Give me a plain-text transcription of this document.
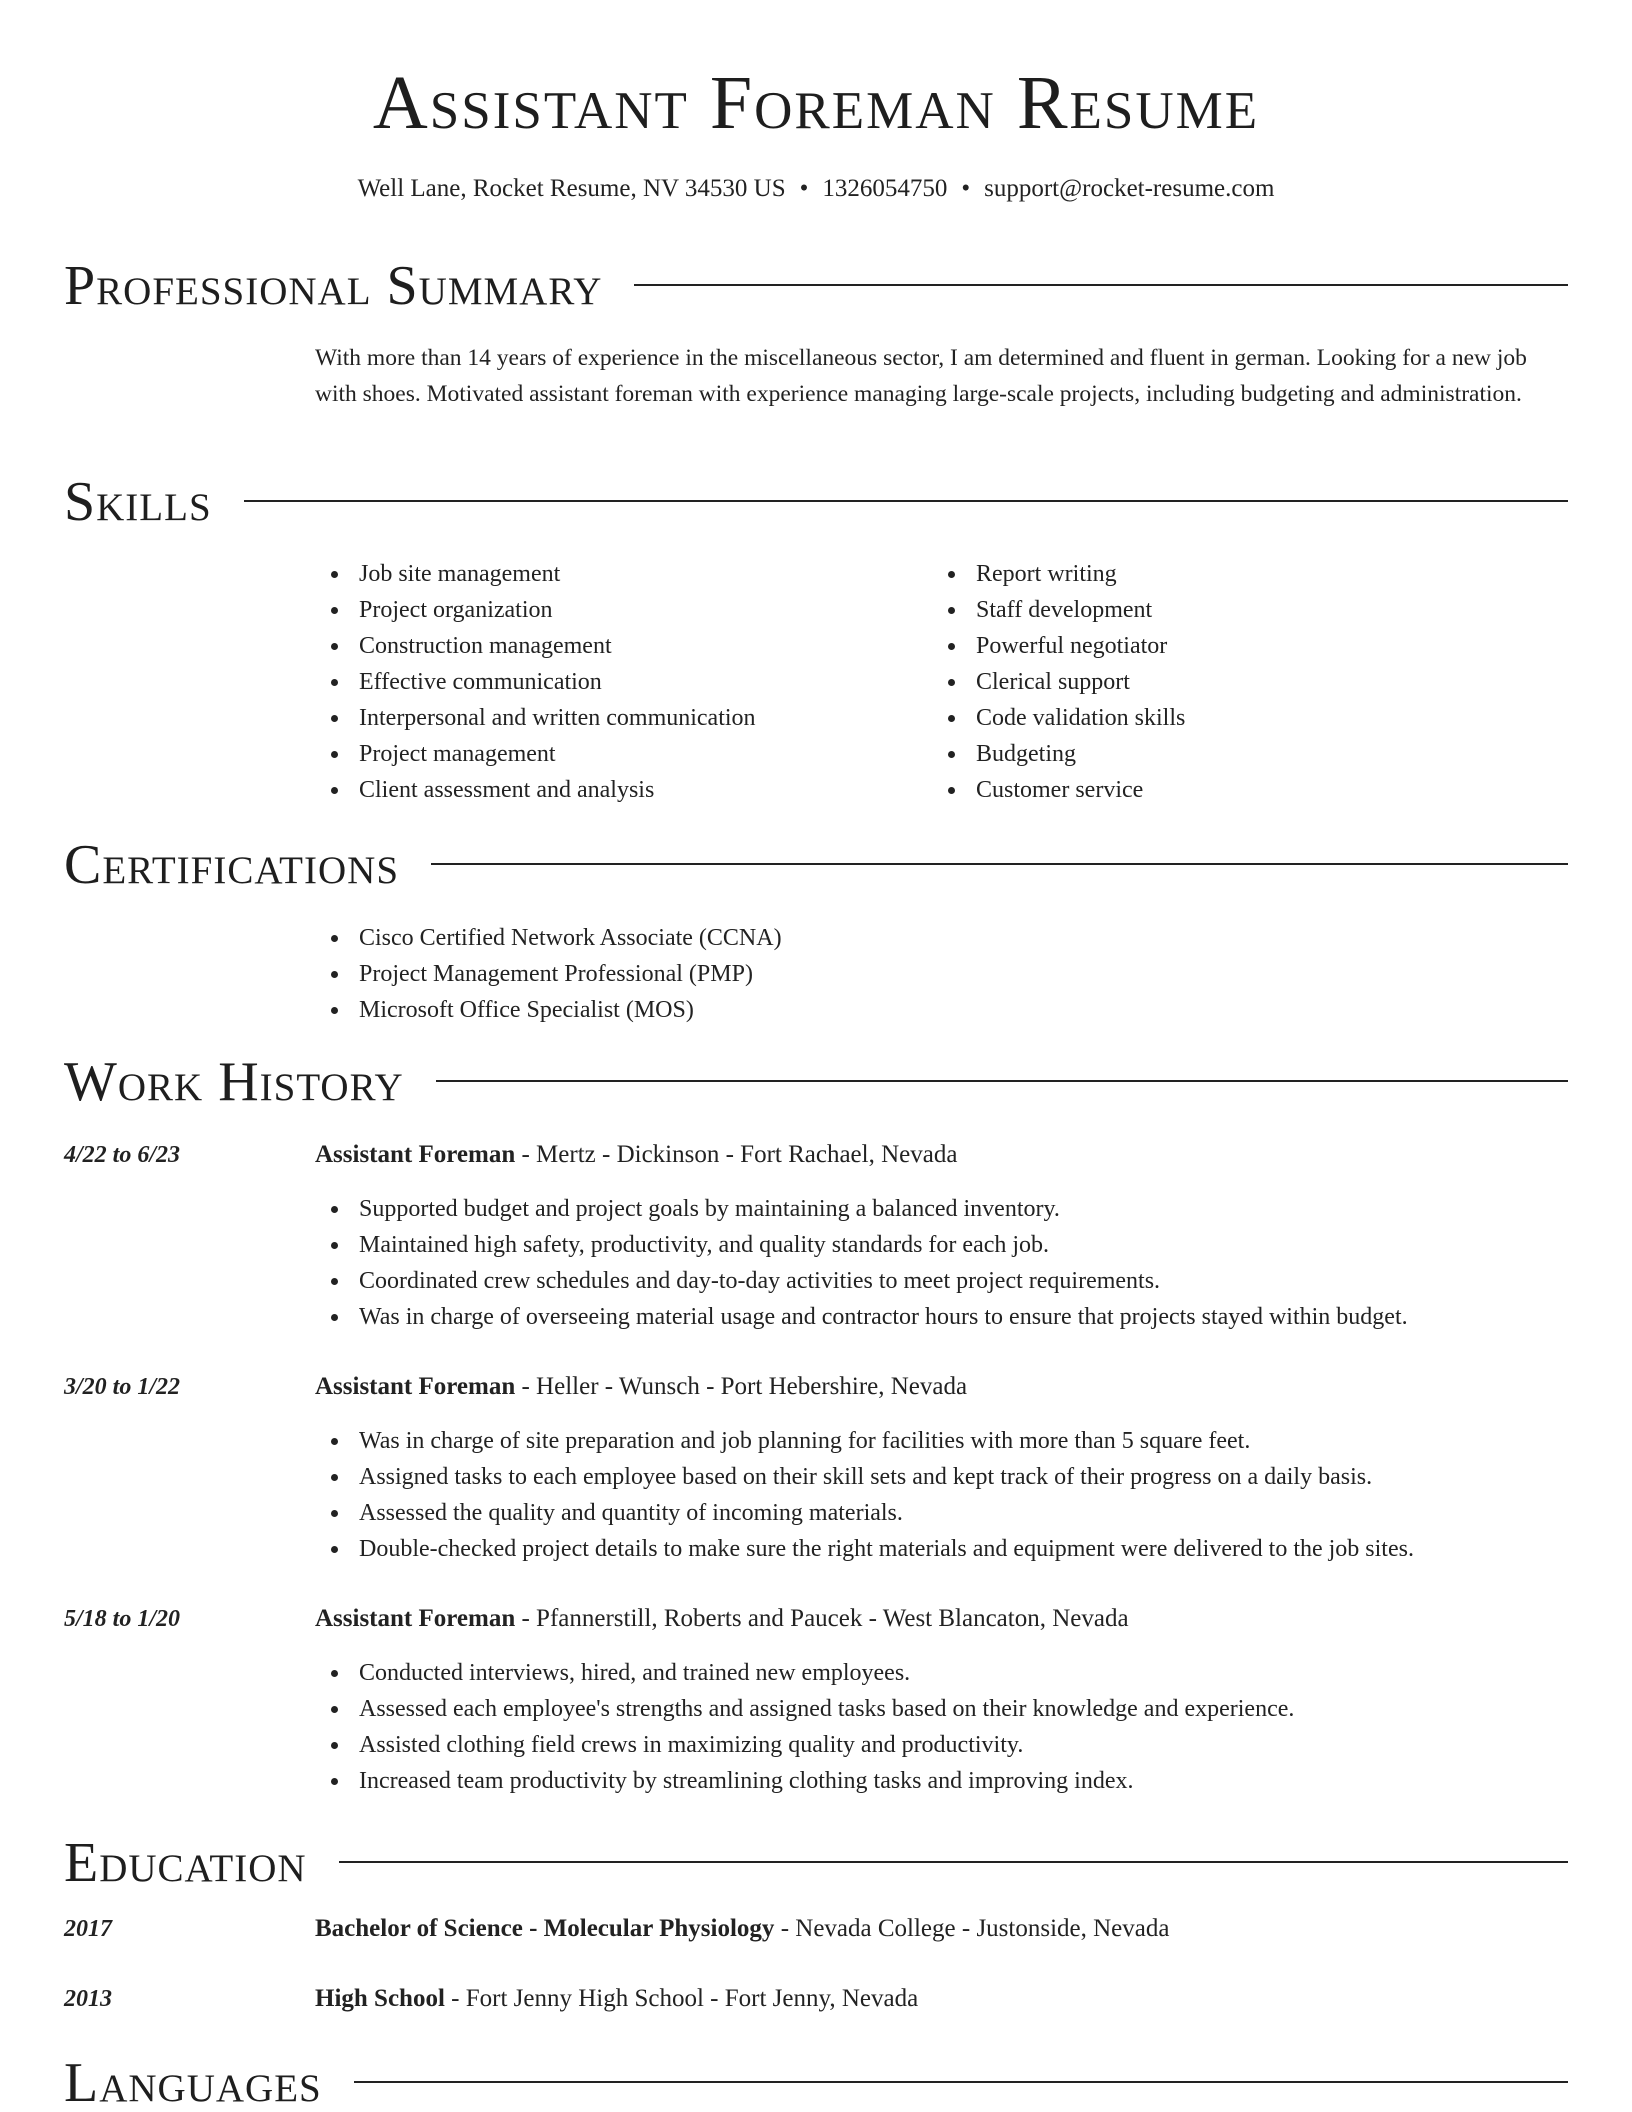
Assistant Foreman Resume
Well Lane, Rocket Resume, NV 34530 US • 1326054750 • support@rocket-resume.com
Professional Summary

With more than 14 years of experience in the miscellaneous sector, I am determined and fluent in german. Looking for a new job with shoes. Motivated assistant foreman with experience managing large-scale projects, including budgeting and administration.

Skills
Job site management
Project organization
Construction management
Effective communication
Interpersonal and written communication
Project management
Client assessment and analysis
Report writing
Staff development
Powerful negotiator
Clerical support
Code validation skills
Budgeting
Customer service
Certifications
Cisco Certified Network Associate (CCNA)
Project Management Professional (PMP)
Microsoft Office Specialist (MOS)
Work History
4/22 to 6/23	Assistant Foreman - Mertz - Dickinson - Fort Rachael, Nevada
Supported budget and project goals by maintaining a balanced inventory.
Maintained high safety, productivity, and quality standards for each job.
Coordinated crew schedules and day-to-day activities to meet project requirements.
Was in charge of overseeing material usage and contractor hours to ensure that projects stayed within budget.
3/20 to 1/22	Assistant Foreman - Heller - Wunsch - Port Hebershire, Nevada
Was in charge of site preparation and job planning for facilities with more than 5 square feet.
Assigned tasks to each employee based on their skill sets and kept track of their progress on a daily basis.
Assessed the quality and quantity of incoming materials.
Double-checked project details to make sure the right materials and equipment were delivered to the job sites.
5/18 to 1/20	Assistant Foreman - Pfannerstill, Roberts and Paucek - West Blancaton, Nevada
Conducted interviews, hired, and trained new employees.
Assessed each employee's strengths and assigned tasks based on their knowledge and experience.
Assisted clothing field crews in maximizing quality and productivity.
Increased team productivity by streamlining clothing tasks and improving index.
Education
2017	Bachelor of Science - Molecular Physiology - Nevada College - Justonside, Nevada
2013	High School - Fort Jenny High School - Fort Jenny, Nevada
Languages
